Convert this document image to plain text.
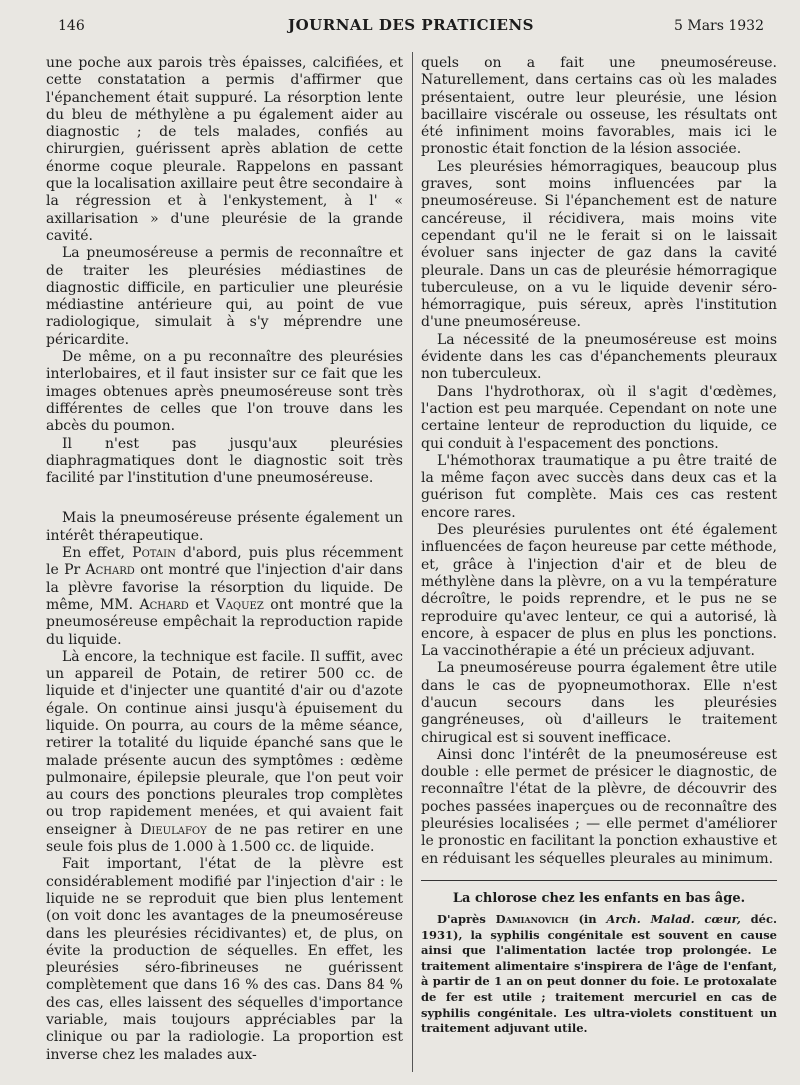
146	JOURNAL DES PRATICIENS	5 Mars 1932

une poche aux parois très épaisses, calcifiées, et cette constatation a permis d'affirmer que l'épanchement était suppuré. La résorption lente du bleu de méthylène a pu également aider au diagnostic ; de tels malades, confiés au chirurgien, guérissent après ablation de cette énorme coque pleurale. Rappelons en passant que la localisation axillaire peut être secondaire à la régression et à l'enkystement, à l' « axillarisation » d'une pleurésie de la grande cavité.

La pneumoséreuse a permis de reconnaître et de traiter les pleurésies médiastines de diagnostic difficile, en particulier une pleurésie médiastine antérieure qui, au point de vue radiologique, simulait à s'y méprendre une péricardite.

De même, on a pu reconnaître des pleurésies interlobaires, et il faut insister sur ce fait que les images obtenues après pneumoséreuse sont très différentes de celles que l'on trouve dans les abcès du poumon.

Il n'est pas jusqu'aux pleurésies diaphragmatiques dont le diagnostic soit très facilité par l'institution d'une pneumoséreuse.

Mais la pneumoséreuse présente également un intérêt thérapeutique.

En effet, Potain d'abord, puis plus récemment le Pr Achard ont montré que l'injection d'air dans la plèvre favorise la résorption du liquide. De même, MM. Achard et Vaquez ont montré que la pneumoséreuse empêchait la reproduction rapide du liquide.

Là encore, la technique est facile. Il suffit, avec un appareil de Potain, de retirer 500 cc. de liquide et d'injecter une quantité d'air ou d'azote égale. On continue ainsi jusqu'à épuisement du liquide. On pourra, au cours de la même séance, retirer la totalité du liquide épanché sans que le malade présente aucun des symptômes : œdème pulmonaire, épilepsie pleurale, que l'on peut voir au cours des ponctions pleurales trop complètes ou trop rapidement menées, et qui avaient fait enseigner à Dieulafoy de ne pas retirer en une seule fois plus de 1.000 à 1.500 cc. de liquide.

Fait important, l'état de la plèvre est considérablement modifié par l'injection d'air : le liquide ne se reproduit que bien plus lentement (on voit donc les avantages de la pneumoséreuse dans les pleurésies récidivantes) et, de plus, on évite la production de séquelles. En effet, les pleurésies séro-fibrineuses ne guérissent complètement que dans 16 % des cas. Dans 84 % des cas, elles laissent des séquelles d'importance variable, mais toujours appréciables par la clinique ou par la radiologie. La proportion est inverse chez les malades aux-

quels on a fait une pneumoséreuse. Naturellement, dans certains cas où les malades présentaient, outre leur pleurésie, une lésion bacillaire viscérale ou osseuse, les résultats ont été infiniment moins favorables, mais ici le pronostic était fonction de la lésion associée.

Les pleurésies hémorragiques, beaucoup plus graves, sont moins influencées par la pneumoséreuse. Si l'épanchement est de nature cancéreuse, il récidivera, mais moins vite cependant qu'il ne le ferait si on le laissait évoluer sans injecter de gaz dans la cavité pleurale. Dans un cas de pleurésie hémorragique tuberculeuse, on a vu le liquide devenir séro-hémorragique, puis séreux, après l'institution d'une pneumoséreuse.

La nécessité de la pneumoséreuse est moins évidente dans les cas d'épanchements pleuraux non tuberculeux.

Dans l'hydrothorax, où il s'agit d'œdèmes, l'action est peu marquée. Cependant on note une certaine lenteur de reproduction du liquide, ce qui conduit à l'espacement des ponctions.

L'hémothorax traumatique a pu être traité de la même façon avec succès dans deux cas et la guérison fut complète. Mais ces cas restent encore rares.

Des pleurésies purulentes ont été également influencées de façon heureuse par cette méthode, et, grâce à l'injection d'air et de bleu de méthylène dans la plèvre, on a vu la température décroître, le poids reprendre, et le pus ne se reproduire qu'avec lenteur, ce qui a autorisé, là encore, à espacer de plus en plus les ponctions. La vaccinothérapie a été un précieux adjuvant.

La pneumoséreuse pourra également être utile dans le cas de pyopneumothorax. Elle n'est d'aucun secours dans les pleurésies gangréneuses, où d'ailleurs le traitement chirugical est si souvent inefficace.

Ainsi donc l'intérêt de la pneumoséreuse est double : elle permet de présicer le diagnostic, de reconnaître l'état de la plèvre, de découvrir des poches passées inaperçues ou de reconnaître des pleurésies localisées ; — elle permet d'améliorer le pronostic en facilitant la ponction exhaustive et en réduisant les séquelles pleurales au minimum.

La chlorose chez les enfants en bas âge.

D'après Damianovich (in Arch. Malad. cœur, déc. 1931), la syphilis congénitale est souvent en cause ainsi que l'alimentation lactée trop prolongée. Le traitement alimentaire s'inspirera de l'âge de l'enfant, à partir de 1 an on peut donner du foie. Le protoxalate de fer est utile ; traitement mercuriel en cas de syphilis congénitale. Les ultra-violets constituent un traitement adjuvant utile.
